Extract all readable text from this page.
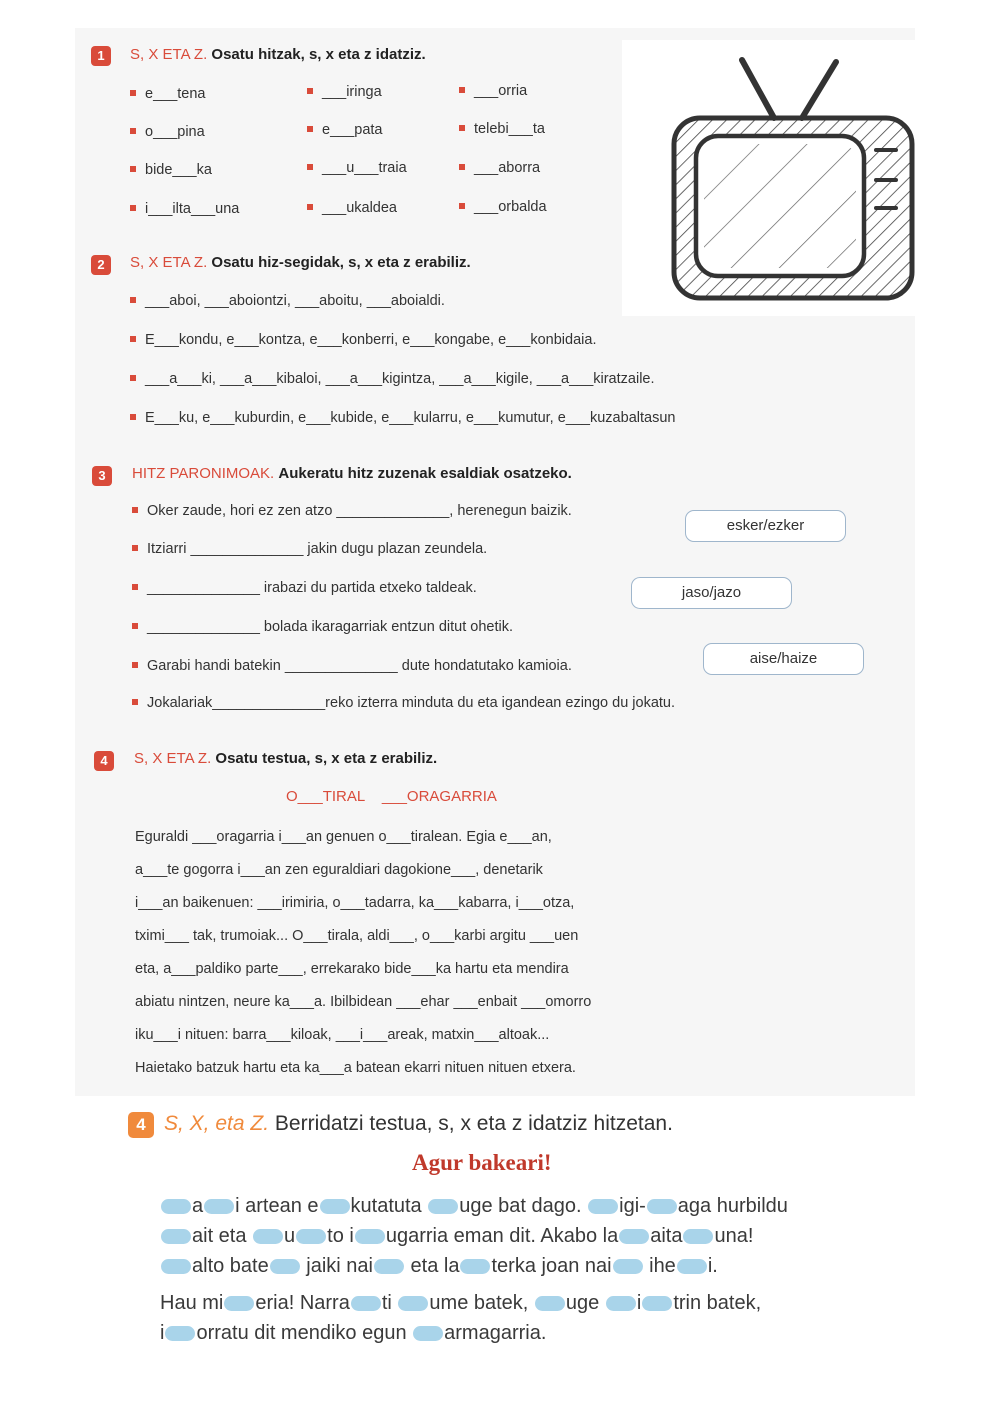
1	S, X ETA Z. Osatu hitzak, s, x eta z idatziz.
e___tena	___iringa	___orria
o___pina	e___pata	telebi___ta
bide___ka	___u___traia	___aborra
i___ilta___una	___ukaldea	___orbalda
2	S, X ETA Z. Osatu hiz-segidak, s, x eta z erabiliz.
___aboi, ___aboiontzi, ___aboitu, ___aboialdi.
E___kondu, e___kontza, e___konberri, e___kongabe, e___konbidaia.
___a___ki, ___a___kibaloi, ___a___kigintza, ___a___kigile, ___a___kiratzaile.
E___ku, e___kuburdin, e___kubide, e___kularru, e___kumutur, e___kuzabaltasun
3	HITZ PARONIMOAK. Aukeratu hitz zuzenak esaldiak osatzeko.
Oker zaude, hori ez zen atzo ______________, herenegun baizik.
Itziarri ______________ jakin dugu plazan zeundela.
______________ irabazi du partida etxeko taldeak.
______________ bolada ikaragarriak entzun ditut ohetik.
Garabi handi batekin ______________ dute hondatutako kamioia.
Jokalariak______________reko izterra minduta du eta igandean ezingo du jokatu.
esker/ezker
jaso/jazo
aise/haize
4	S, X ETA Z. Osatu testua, s, x eta z erabiliz.
O___TIRAL ___ORAGARRIA
Eguraldi ___oragarria i___an genuen o___tiralean. Egia e___an,
a___te gogorra i___an zen eguraldiari dagokione___, denetarik
i___an baikenuen: ___irimiria, o___tadarra, ka___kabarra, i___otza,
tximi___ tak, trumoiak... O___tirala, aldi___, o___karbi argitu ___uen
eta, a___paldiko parte___, errekarako bide___ka hartu eta mendira
abiatu nintzen, neure ka___a. Ibilbidean ___ehar ___enbait ___omorro
iku___i nituen: barra___kiloak, ___i___areak, matxin___altoak...
Haietako batzuk hartu eta ka___a batean ekarri nituen nituen etxera.
4 S, X, eta Z. Berridatzi testua, s, x eta z idatziz hitzetan.
Agur bakeari!
a i artean e kutatuta uge bat dago. igi- aga hurbildu
ait eta u to i ugarria eman dit. Akabo la aita una!
alto bate jaiki nai eta la terka joan nai ihe i.
Hau mi eria! Narra ti ume batek, uge i trin batek,
i orratu dit mendiko egun armagarria.
